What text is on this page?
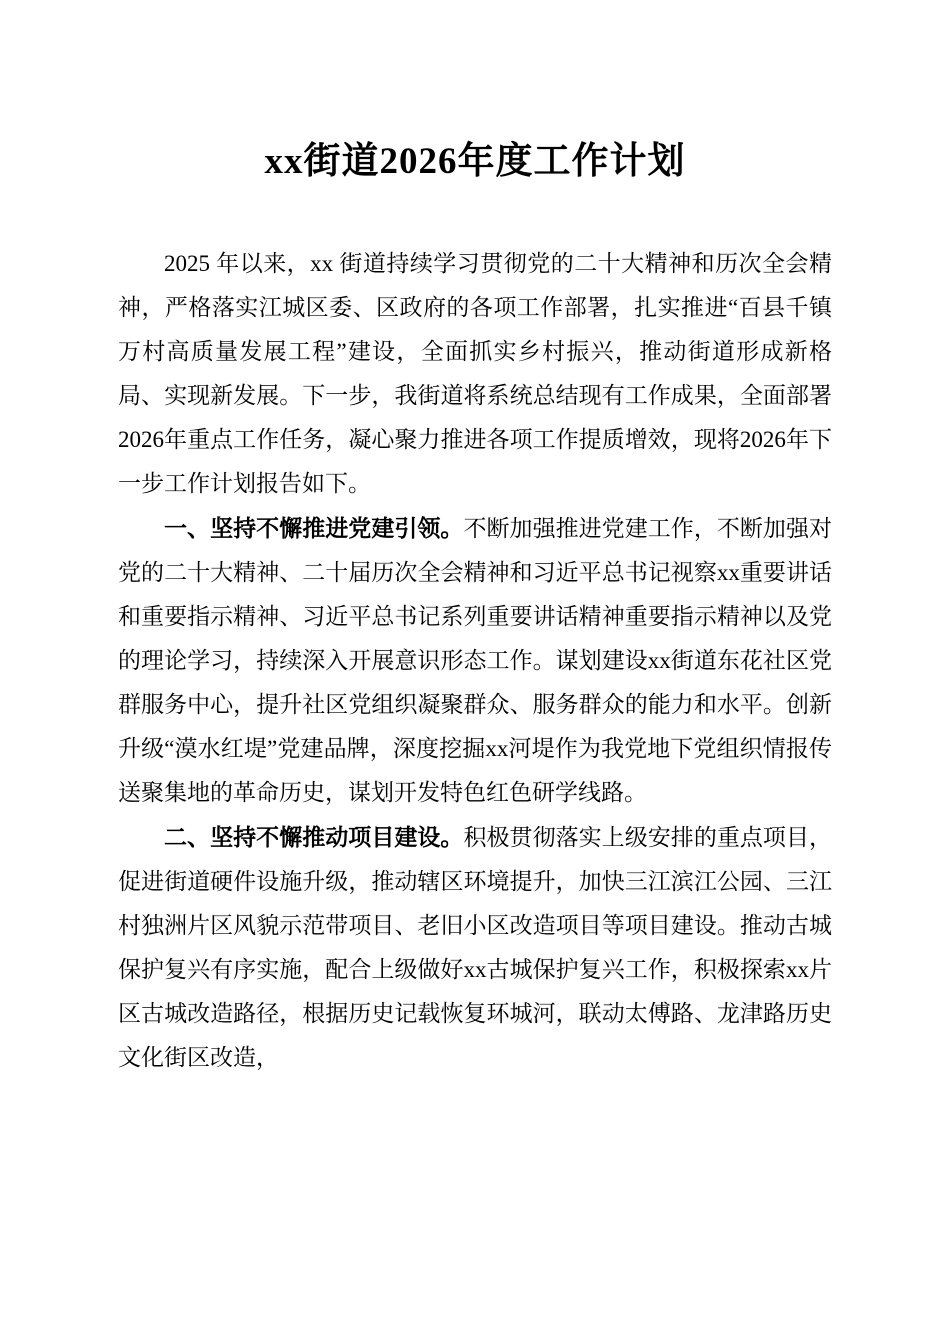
xx街道2026年度工作计划

2025 年以来，xx 街道持续学习贯彻党的二十大精神和历次全会精神，严格落实江城区委、区政府的各项工作部署，扎实推进“百县千镇万村高质量发展工程”建设，全面抓实乡村振兴，推动街道形成新格局、实现新发展。下一步，我街道将系统总结现有工作成果，全面部署2026年重点工作任务，凝心聚力推进各项工作提质增效，现将2026年下一步工作计划报告如下。

一、坚持不懈推进党建引领。不断加强推进党建工作，不断加强对党的二十大精神、二十届历次全会精神和习近平总书记视察xx重要讲话和重要指示精神、习近平总书记系列重要讲话精神重要指示精神以及党的理论学习，持续深入开展意识形态工作。谋划建设xx街道东花社区党群服务中心，提升社区党组织凝聚群众、服务群众的能力和水平。创新升级“漠水红堤”党建品牌，深度挖掘xx河堤作为我党地下党组织情报传送聚集地的革命历史，谋划开发特色红色研学线路。

二、坚持不懈推动项目建设。积极贯彻落实上级安排的重点项目，促进街道硬件设施升级，推动辖区环境提升，加快三江滨江公园、三江村独洲片区风貌示范带项目、老旧小区改造项目等项目建设。推动古城保护复兴有序实施，配合上级做好xx古城保护复兴工作，积极探索xx片区古城改造路径，根据历史记载恢复环城河，联动太傅路、龙津路历史文化街区改造，
